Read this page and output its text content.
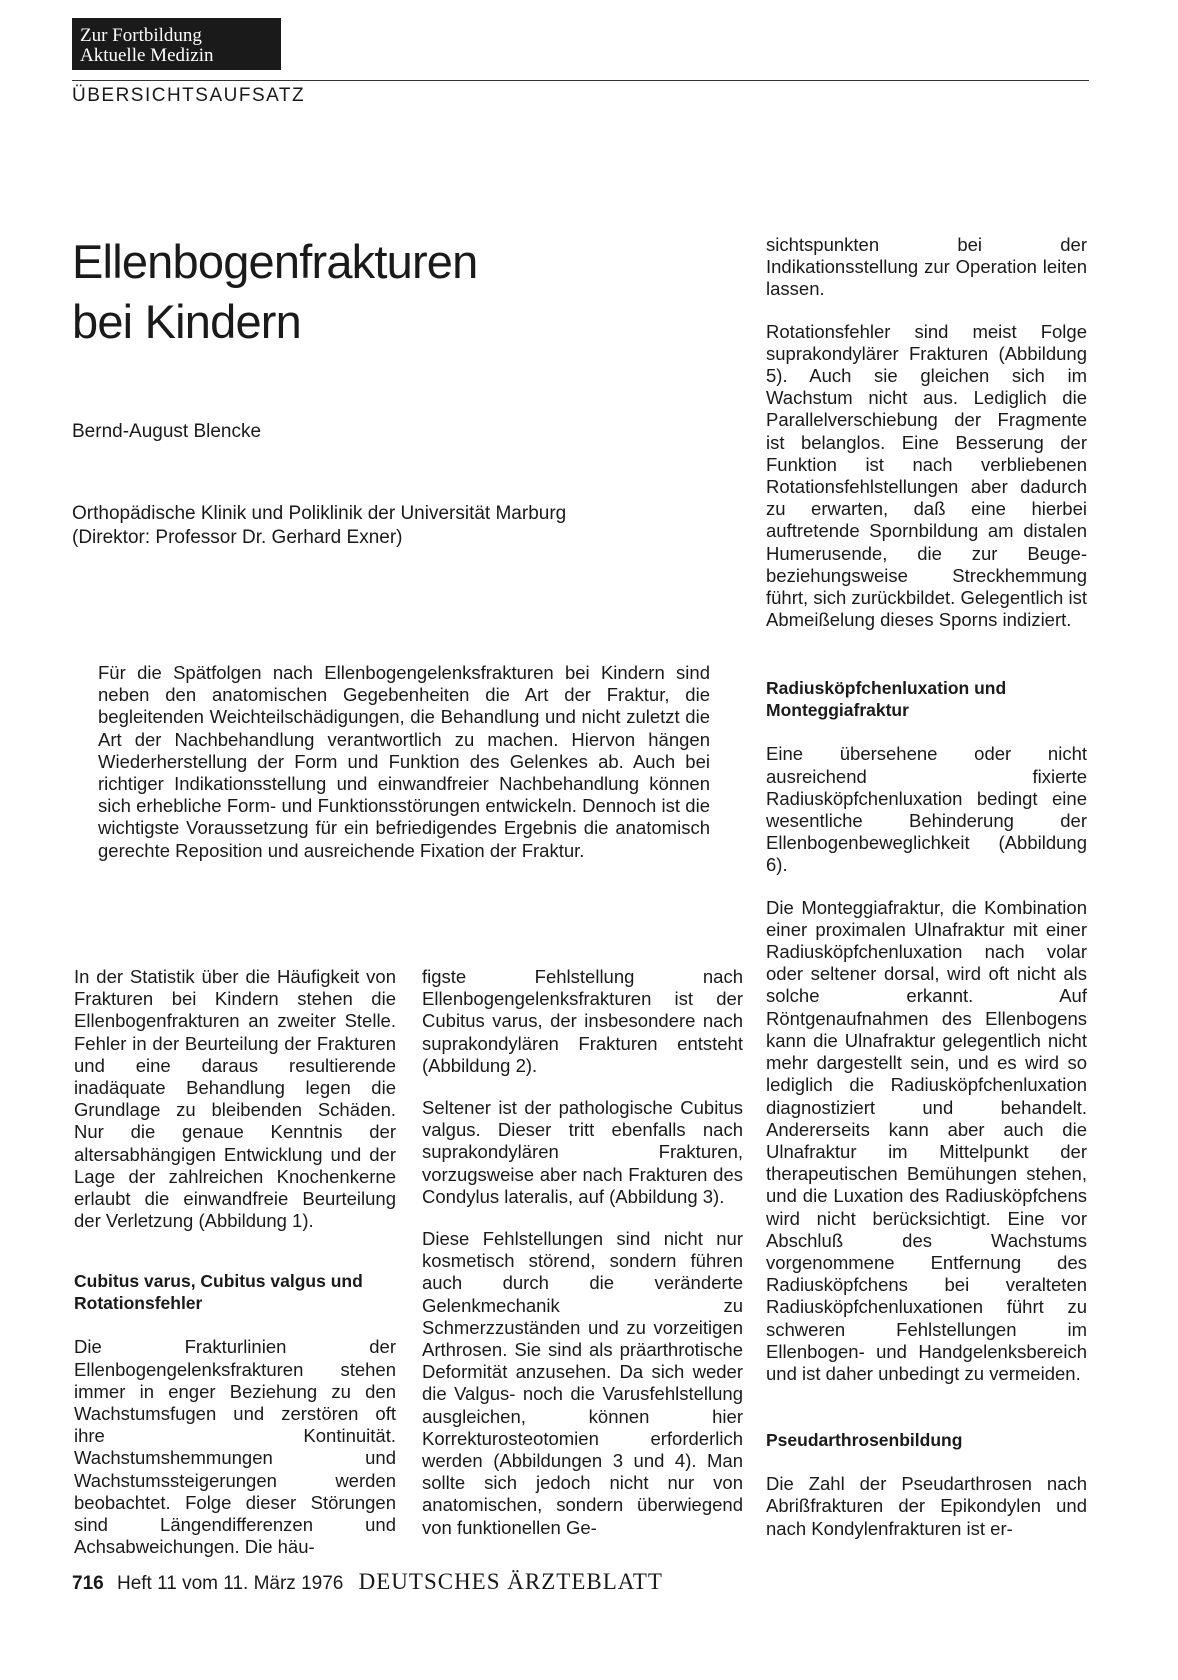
Zur Fortbildung
Aktuelle Medizin
ÜBERSICHTSAUFSATZ
Ellenbogenfrakturen
bei Kindern
Bernd-August Blencke
Orthopädische Klinik und Poliklinik der Universität Marburg
(Direktor: Professor Dr. Gerhard Exner)
Für die Spätfolgen nach Ellenbogengelenksfrakturen bei Kindern sind neben den anatomischen Gegebenheiten die Art der Fraktur, die begleitenden Weichteilschädigungen, die Behandlung und nicht zuletzt die Art der Nachbehandlung verantwortlich zu machen. Hiervon hängen Wiederherstellung der Form und Funktion des Gelenkes ab. Auch bei richtiger Indikationsstellung und einwandfreier Nachbehandlung können sich erhebliche Form- und Funktionsstörungen entwickeln. Dennoch ist die wichtigste Voraussetzung für ein befriedigendes Ergebnis die anatomisch gerechte Reposition und ausreichende Fixation der Fraktur.

In der Statistik über die Häufigkeit von Frakturen bei Kindern stehen die Ellenbogenfrakturen an zweiter Stelle. Fehler in der Beurteilung der Frakturen und eine daraus resultierende inadäquate Behandlung legen die Grundlage zu bleibenden Schäden. Nur die genaue Kenntnis der altersabhängigen Entwicklung und der Lage der zahlreichen Knochenkerne erlaubt die einwandfreie Beurteilung der Verletzung (Abbildung 1).

Cubitus varus, Cubitus valgus und Rotationsfehler

Die Frakturlinien der Ellenbogengelenksfrakturen stehen immer in enger Beziehung zu den Wachstumsfugen und zerstören oft ihre Kontinuität. Wachstumshemmungen und Wachstumssteigerungen werden beobachtet. Folge dieser Störungen sind Längendifferenzen und Achsabweichungen. Die häu-

figste Fehlstellung nach Ellenbogengelenksfrakturen ist der Cubitus varus, der insbesondere nach suprakondylären Frakturen entsteht (Abbildung 2).

Seltener ist der pathologische Cubitus valgus. Dieser tritt ebenfalls nach suprakondylären Frakturen, vorzugsweise aber nach Frakturen des Condylus lateralis, auf (Abbildung 3).

Diese Fehlstellungen sind nicht nur kosmetisch störend, sondern führen auch durch die veränderte Gelenkmechanik zu Schmerzzuständen und zu vorzeitigen Arthrosen. Sie sind als präarthrotische Deformität anzusehen. Da sich weder die Valgus- noch die Varusfehlstellung ausgleichen, können hier Korrekturosteotomien erforderlich werden (Abbildungen 3 und 4). Man sollte sich jedoch nicht nur von anatomischen, sondern überwiegend von funktionellen Ge-

sichtspunkten bei der Indikationsstellung zur Operation leiten lassen.

Rotationsfehler sind meist Folge suprakondylärer Frakturen (Abbildung 5). Auch sie gleichen sich im Wachstum nicht aus. Lediglich die Parallelverschiebung der Fragmente ist belanglos. Eine Besserung der Funktion ist nach verbliebenen Rotationsfehlstellungen aber dadurch zu erwarten, daß eine hierbei auftretende Spornbildung am distalen Humerusende, die zur Beuge- beziehungsweise Streckhemmung führt, sich zurückbildet. Gelegentlich ist Abmeißelung dieses Sporns indiziert.

Radiusköpfchenluxation und Monteggiafraktur

Eine übersehene oder nicht ausreichend fixierte Radiusköpfchenluxation bedingt eine wesentliche Behinderung der Ellenbogenbeweglichkeit (Abbildung 6).

Die Monteggiafraktur, die Kombination einer proximalen Ulnafraktur mit einer Radiusköpfchenluxation nach volar oder seltener dorsal, wird oft nicht als solche erkannt. Auf Röntgenaufnahmen des Ellenbogens kann die Ulnafraktur gelegentlich nicht mehr dargestellt sein, und es wird so lediglich die Radiusköpfchenluxation diagnostiziert und behandelt. Andererseits kann aber auch die Ulnafraktur im Mittelpunkt der therapeutischen Bemühungen stehen, und die Luxation des Radiusköpfchens wird nicht berücksichtigt. Eine vor Abschluß des Wachstums vorgenommene Entfernung des Radiusköpfchens bei veralteten Radiusköpfchenluxationen führt zu schweren Fehlstellungen im Ellenbogen- und Handgelenksbereich und ist daher unbedingt zu vermeiden.

Pseudarthrosenbildung

Die Zahl der Pseudarthrosen nach Abrißfrakturen der Epikondylen und nach Kondylenfrakturen ist er-

716 Heft 11 vom 11. März 1976 DEUTSCHES ÄRZTEBLATT
